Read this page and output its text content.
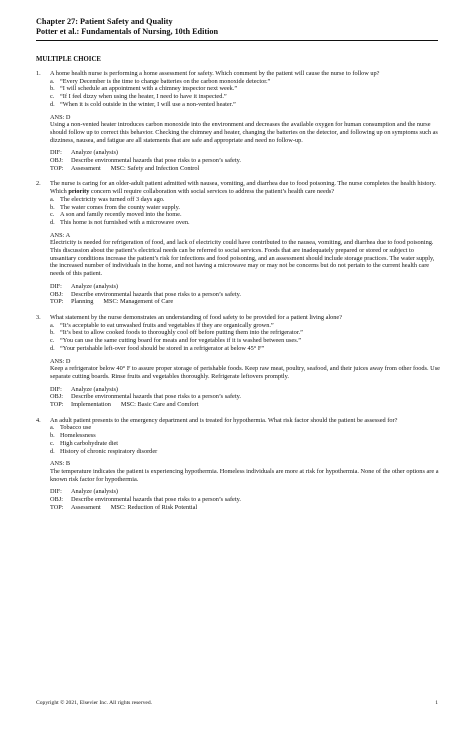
Chapter 27: Patient Safety and Quality
Potter et al.: Fundamentals of Nursing, 10th Edition
MULTIPLE CHOICE
1.	A home health nurse is performing a home assessment for safety. Which comment by the patient will cause the nurse to follow up?
a. “Every December is the time to change batteries on the carbon monoxide detector.”
b. “I will schedule an appointment with a chimney inspector next week.”
c. “If I feel dizzy when using the heater, I need to have it inspected.”
d. “When it is cold outside in the winter, I will use a non-vented heater.”
ANS: D
Using a non-vented heater introduces carbon monoxide into the environment and decreases the available oxygen for human consumption and the nurse should follow up to correct this behavior. Checking the chimney and heater, changing the batteries on the detector, and following up on symptoms such as dizziness, nausea, and fatigue are all statements that are safe and appropriate and need no follow-up.
DIF:	Analyze (analysis)
OBJ:	Describe environmental hazards that pose risks to a person’s safety.
TOP:	Assessment MSC: Safety and Infection Control
2.	The nurse is caring for an older-adult patient admitted with nausea, vomiting, and diarrhea due to food poisoning. The nurse completes the health history. Which priority concern will require collaboration with social services to address the patient’s health care needs?
a. The electricity was turned off 3 days ago.
b. The water comes from the county water supply.
c. A son and family recently moved into the home.
d. This home is not furnished with a microwave oven.
ANS: A
Electricity is needed for refrigeration of food, and lack of electricity could have contributed to the nausea, vomiting, and diarrhea due to food poisoning. This discussion about the patient’s electrical needs can be referred to social services. Foods that are inadequately prepared or stored or subject to unsanitary conditions increase the patient’s risk for infections and food poisoning, and an assessment should include storage practices. The water supply, the increased number of individuals in the home, and not having a microwave may or may not be concerns but do not pertain to the current health care needs of this patient.
DIF:	Analyze (analysis)
OBJ:	Describe environmental hazards that pose risks to a person’s safety.
TOP:	Planning MSC: Management of Care
3.	What statement by the nurse demonstrates an understanding of food safety to be provided for a patient living alone?
a. “It’s acceptable to eat unwashed fruits and vegetables if they are organically grown.”
b. “It’s best to allow cooked foods to thoroughly cool off before putting them into the refrigerator.”
c. “You can use the same cutting board for meats and for vegetables if it is washed between uses.”
d. “Your perishable left-over food should be stored in a refrigerator at below 45° F”
ANS: D
Keep a refrigerator below 40° F to assure proper storage of perishable foods. Keep raw meat, poultry, seafood, and their juices away from other foods. Use separate cutting boards. Rinse fruits and vegetables thoroughly. Refrigerate leftovers promptly.
DIF:	Analyze (analysis)
OBJ:	Describe environmental hazards that pose risks to a person’s safety.
TOP:	Implementation MSC: Basic Care and Comfort
4.	An adult patient presents to the emergency department and is treated for hypothermia. What risk factor should the patient be assessed for?
a. Tobacco use
b. Homelessness
c. High carbohydrate diet
d. History of chronic respiratory disorder
ANS: B
The temperature indicates the patient is experiencing hypothermia. Homeless individuals are more at risk for hypothermia. None of the other options are a known risk factor for hypothermia.
DIF:	Analyze (analysis)
OBJ:	Describe environmental hazards that pose risks to a person’s safety.
TOP:	Assessment MSC: Reduction of Risk Potential
Copyright © 2021, Elsevier Inc. All rights reserved.	1
